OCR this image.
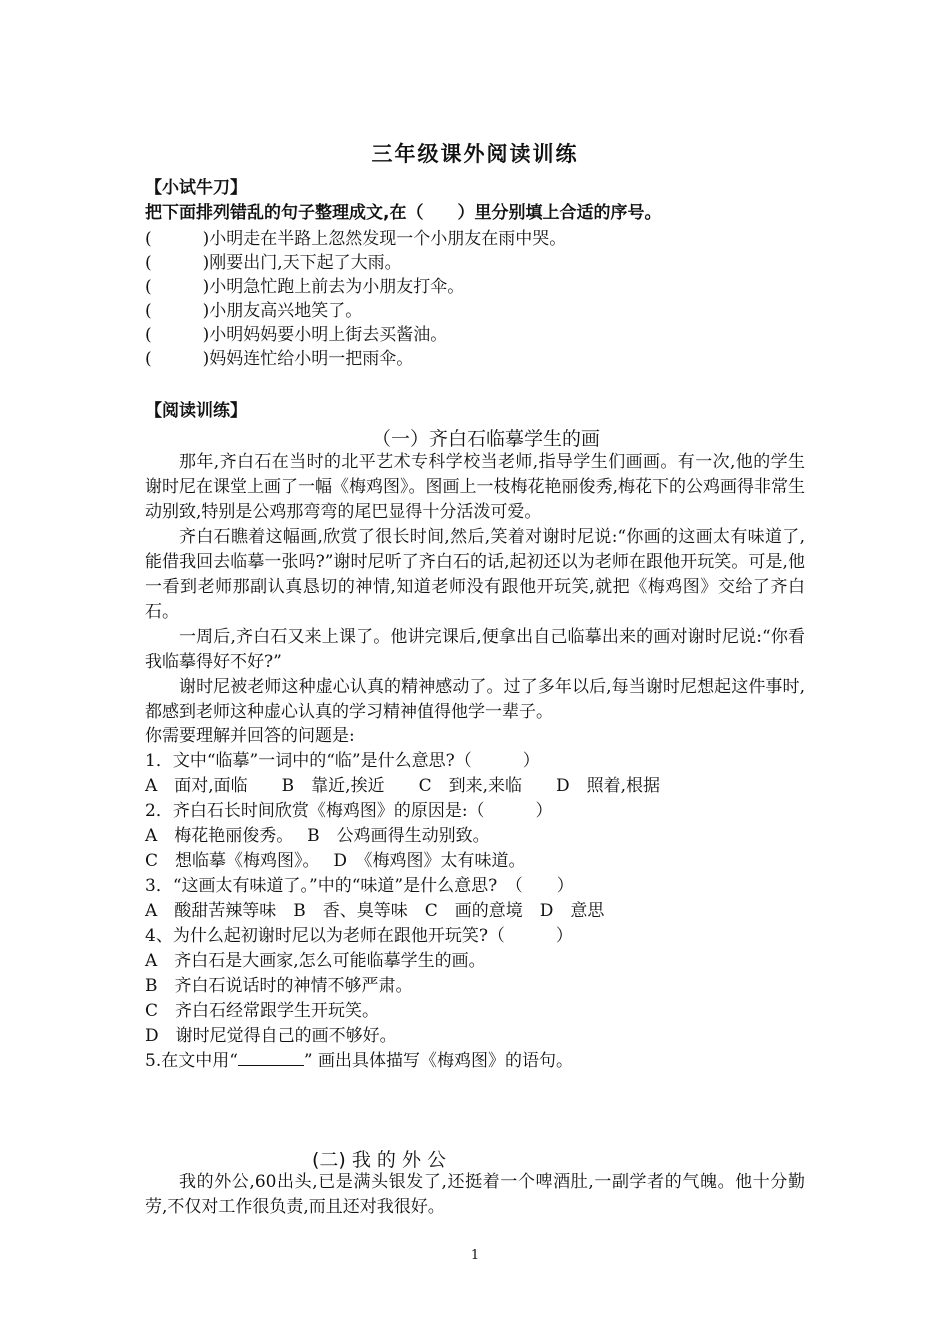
三年级课外阅读训练
【小试牛刀】
把下面排列错乱的句子整理成文,在（　　）里分别填上合适的序号。
(　　　)小明走在半路上忽然发现一个小朋友在雨中哭。
(　　　)刚要出门,天下起了大雨。
(　　　)小明急忙跑上前去为小朋友打伞。
(　　　)小朋友高兴地笑了。
(　　　)小明妈妈要小明上街去买酱油。
(　　　)妈妈连忙给小明一把雨伞。
【阅读训练】
（一）齐白石临摹学生的画
那年,齐白石在当时的北平艺术专科学校当老师,指导学生们画画。有一次,他的学生谢时尼在课堂上画了一幅《梅鸡图》。图画上一枝梅花艳丽俊秀,梅花下的公鸡画得非常生动别致,特别是公鸡那弯弯的尾巴显得十分活泼可爱。
齐白石瞧着这幅画,欣赏了很长时间,然后,笑着对谢时尼说:“你画的这画太有味道了,能借我回去临摹一张吗?”谢时尼听了齐白石的话,起初还以为老师在跟他开玩笑。可是,他一看到老师那副认真恳切的神情,知道老师没有跟他开玩笑,就把《梅鸡图》交给了齐白石。
一周后,齐白石又来上课了。他讲完课后,便拿出自己临摹出来的画对谢时尼说:“你看我临摹得好不好?”
谢时尼被老师这种虚心认真的精神感动了。过了多年以后,每当谢时尼想起这件事时,都感到老师这种虚心认真的学习精神值得他学一辈子。
你需要理解并回答的问题是:
1．文中“临摹”一词中的“临”是什么意思?（　　　）
A　面对,面临　　B　靠近,挨近　　C　到来,来临　　D　照着,根据
2．齐白石长时间欣赏《梅鸡图》的原因是:（　　　）
A　梅花艳丽俊秀。　 B　公鸡画得生动别致。
C　想临摹《梅鸡图》。　 D　《梅鸡图》太有味道。
3．“这画太有味道了。”中的“味道”是什么意思?　（　　）
A　酸甜苦辣等味　B　香、臭等味　C　画的意境　D　意思
4、为什么起初谢时尼以为老师在跟他开玩笑?（　　　）
A　齐白石是大画家,怎么可能临摹学生的画。
B　齐白石说话时的神情不够严肃。
C　齐白石经常跟学生开玩笑。
D　谢时尼觉得自己的画不够好。
5.在文中用“	” 画出具体描写《梅鸡图》的语句。
(二) 我 的 外 公
我的外公,60出头,已是满头银发了,还挺着一个啤酒肚,一副学者的气魄。他十分勤劳,不仅对工作很负责,而且还对我很好。
1
